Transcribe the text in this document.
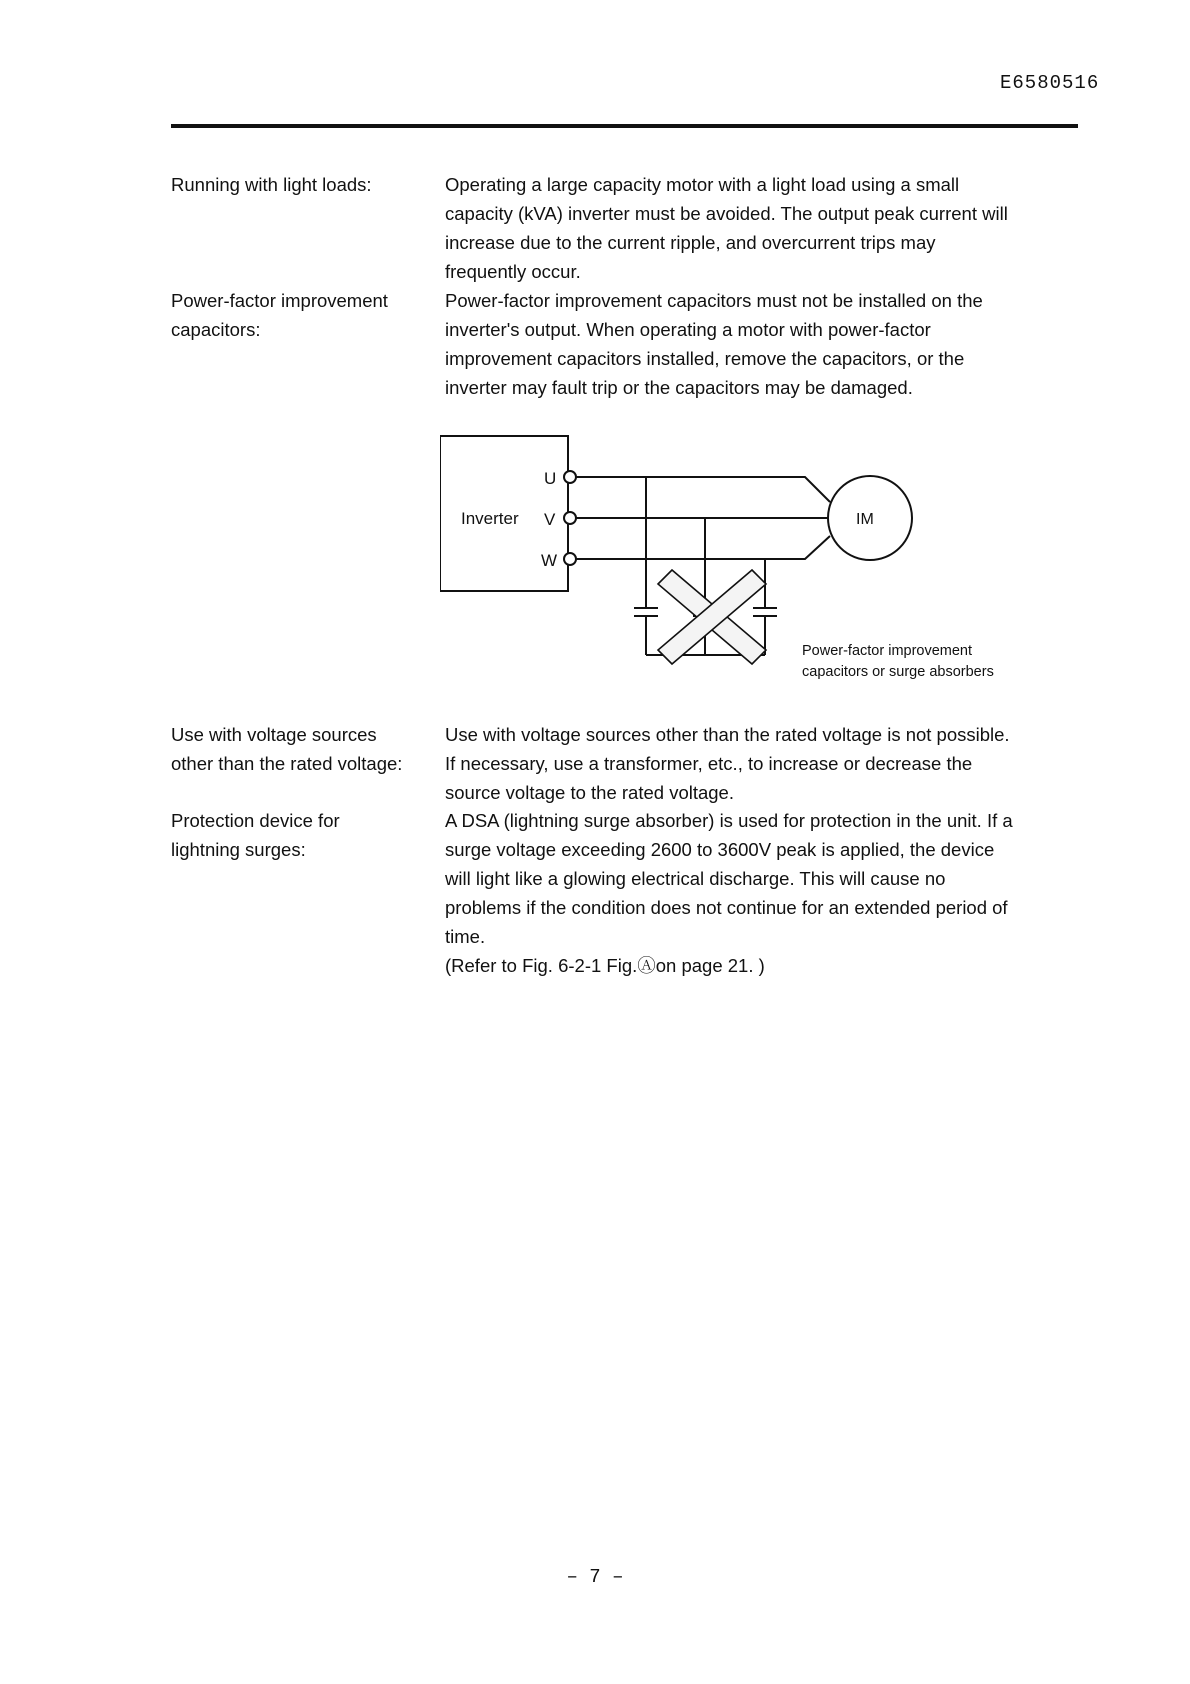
E6580516
Running with light loads:	Operating a large capacity motor with a light load using a small
capacity (kVA) inverter must be avoided. The output peak current will
increase due to the current ripple, and overcurrent trips may
frequently occur.
Power-factor improvement
capacitors:
Power-factor improvement capacitors must not be installed on the
inverter's output. When operating a motor with power-factor
improvement capacitors installed, remove the capacitors, or the
inverter may fault trip or the capacitors may be damaged.
Inverter
U
V
W
IM
Power-factor improvement
capacitors or surge absorbers
Use with voltage sources
other than the rated voltage:
Use with voltage sources other than the rated voltage is not possible.
If necessary, use a transformer, etc., to increase or decrease the
source voltage to the rated voltage.
Protection device for
lightning surges:
A DSA (lightning surge absorber) is used for protection in the unit. If a
surge voltage exceeding 2600 to 3600V peak is applied, the device
will light like a glowing electrical discharge. This will cause no
problems if the condition does not continue for an extended period of
time.
(Refer to Fig. 6-2-1 Fig.Ⓐon page 21. )
– 7 –
